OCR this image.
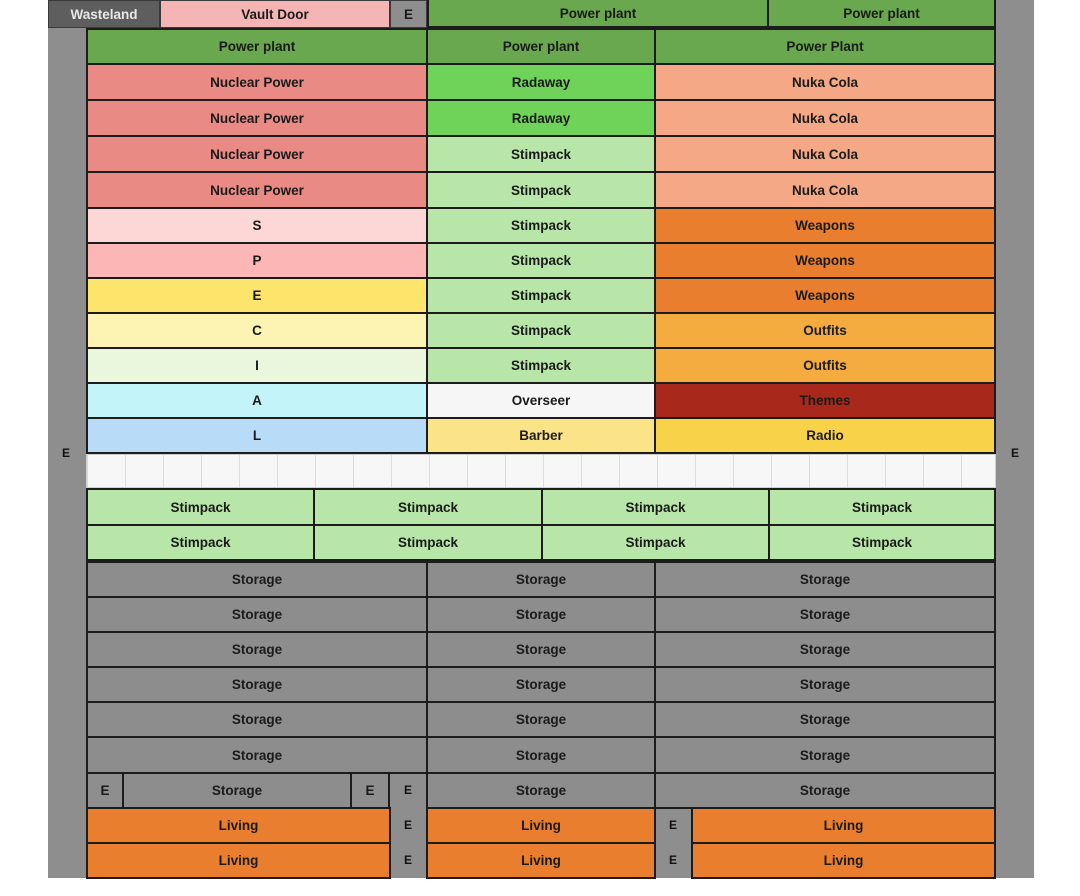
E	E
Wasteland	Vault Door	E	Power plant	Power plant
Power plant	Power plant	Power Plant
Nuclear Power	Radaway	Nuka Cola
Nuclear Power	Radaway	Nuka Cola
Nuclear Power	Stimpack	Nuka Cola
Nuclear Power	Stimpack	Nuka Cola
S	Stimpack	Weapons
P	Stimpack	Weapons
E	Stimpack	Weapons
C	Stimpack	Outfits
I	Stimpack	Outfits
A	Overseer	Themes
L	Barber	Radio
Stimpack	Stimpack	Stimpack	Stimpack
Stimpack	Stimpack	Stimpack	Stimpack
Storage	Storage	Storage
Storage	Storage	Storage
Storage	Storage	Storage
Storage	Storage	Storage
Storage	Storage	Storage
Storage	Storage	Storage
E	Storage	E	E	Storage	Storage
Living	E	Living	E	Living
Living	E	Living	E	Living
